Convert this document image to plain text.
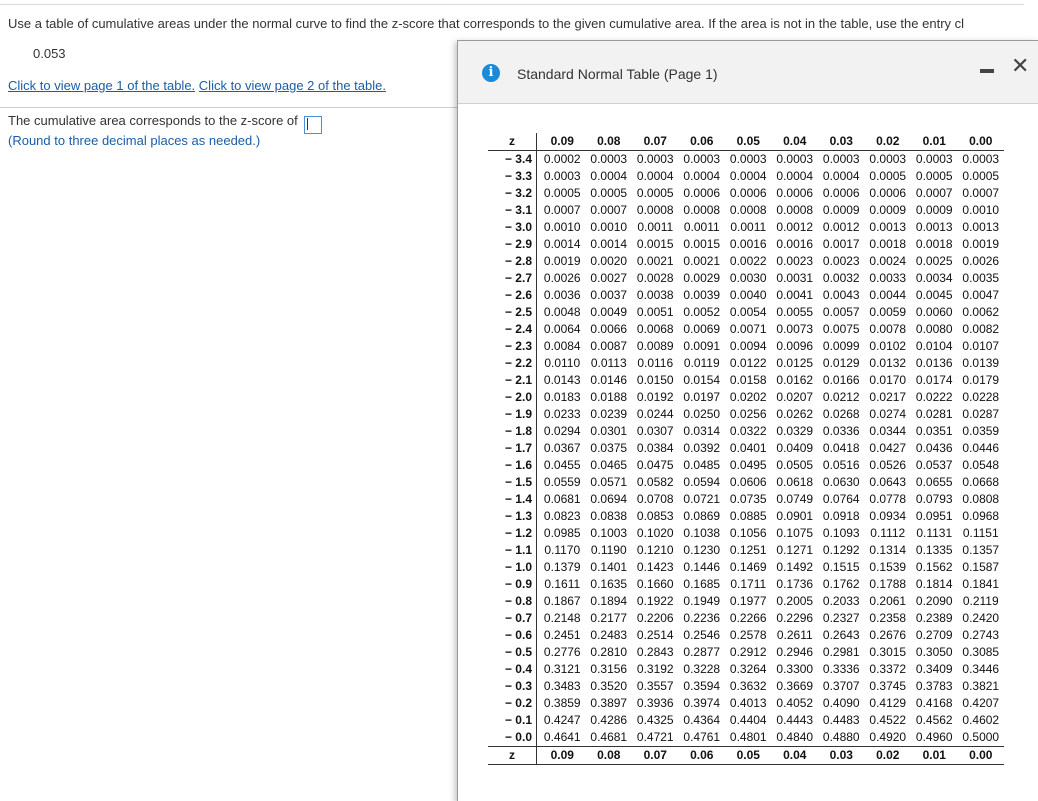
Use a table of cumulative areas under the normal curve to find the z-score that corresponds to the given cumulative area. If the area is not in the table, use the entry cl
0.053
Click to view page 1 of the table. Click to view page 2 of the table.
The cumulative area corresponds to the z-score of
(Round to three decimal places as needed.)
i	Standard Normal Table (Page 1)	✕
z	0.09	0.08	0.07	0.06	0.05	0.04	0.03	0.02	0.01	0.00
− 3.4	0.0002	0.0003	0.0003	0.0003	0.0003	0.0003	0.0003	0.0003	0.0003	0.0003
− 3.3	0.0003	0.0004	0.0004	0.0004	0.0004	0.0004	0.0004	0.0005	0.0005	0.0005
− 3.2	0.0005	0.0005	0.0005	0.0006	0.0006	0.0006	0.0006	0.0006	0.0007	0.0007
− 3.1	0.0007	0.0007	0.0008	0.0008	0.0008	0.0008	0.0009	0.0009	0.0009	0.0010
− 3.0	0.0010	0.0010	0.0011	0.0011	0.0011	0.0012	0.0012	0.0013	0.0013	0.0013
− 2.9	0.0014	0.0014	0.0015	0.0015	0.0016	0.0016	0.0017	0.0018	0.0018	0.0019
− 2.8	0.0019	0.0020	0.0021	0.0021	0.0022	0.0023	0.0023	0.0024	0.0025	0.0026
− 2.7	0.0026	0.0027	0.0028	0.0029	0.0030	0.0031	0.0032	0.0033	0.0034	0.0035
− 2.6	0.0036	0.0037	0.0038	0.0039	0.0040	0.0041	0.0043	0.0044	0.0045	0.0047
− 2.5	0.0048	0.0049	0.0051	0.0052	0.0054	0.0055	0.0057	0.0059	0.0060	0.0062
− 2.4	0.0064	0.0066	0.0068	0.0069	0.0071	0.0073	0.0075	0.0078	0.0080	0.0082
− 2.3	0.0084	0.0087	0.0089	0.0091	0.0094	0.0096	0.0099	0.0102	0.0104	0.0107
− 2.2	0.0110	0.0113	0.0116	0.0119	0.0122	0.0125	0.0129	0.0132	0.0136	0.0139
− 2.1	0.0143	0.0146	0.0150	0.0154	0.0158	0.0162	0.0166	0.0170	0.0174	0.0179
− 2.0	0.0183	0.0188	0.0192	0.0197	0.0202	0.0207	0.0212	0.0217	0.0222	0.0228
− 1.9	0.0233	0.0239	0.0244	0.0250	0.0256	0.0262	0.0268	0.0274	0.0281	0.0287
− 1.8	0.0294	0.0301	0.0307	0.0314	0.0322	0.0329	0.0336	0.0344	0.0351	0.0359
− 1.7	0.0367	0.0375	0.0384	0.0392	0.0401	0.0409	0.0418	0.0427	0.0436	0.0446
− 1.6	0.0455	0.0465	0.0475	0.0485	0.0495	0.0505	0.0516	0.0526	0.0537	0.0548
− 1.5	0.0559	0.0571	0.0582	0.0594	0.0606	0.0618	0.0630	0.0643	0.0655	0.0668
− 1.4	0.0681	0.0694	0.0708	0.0721	0.0735	0.0749	0.0764	0.0778	0.0793	0.0808
− 1.3	0.0823	0.0838	0.0853	0.0869	0.0885	0.0901	0.0918	0.0934	0.0951	0.0968
− 1.2	0.0985	0.1003	0.1020	0.1038	0.1056	0.1075	0.1093	0.1112	0.1131	0.1151
− 1.1	0.1170	0.1190	0.1210	0.1230	0.1251	0.1271	0.1292	0.1314	0.1335	0.1357
− 1.0	0.1379	0.1401	0.1423	0.1446	0.1469	0.1492	0.1515	0.1539	0.1562	0.1587
− 0.9	0.1611	0.1635	0.1660	0.1685	0.1711	0.1736	0.1762	0.1788	0.1814	0.1841
− 0.8	0.1867	0.1894	0.1922	0.1949	0.1977	0.2005	0.2033	0.2061	0.2090	0.2119
− 0.7	0.2148	0.2177	0.2206	0.2236	0.2266	0.2296	0.2327	0.2358	0.2389	0.2420
− 0.6	0.2451	0.2483	0.2514	0.2546	0.2578	0.2611	0.2643	0.2676	0.2709	0.2743
− 0.5	0.2776	0.2810	0.2843	0.2877	0.2912	0.2946	0.2981	0.3015	0.3050	0.3085
− 0.4	0.3121	0.3156	0.3192	0.3228	0.3264	0.3300	0.3336	0.3372	0.3409	0.3446
− 0.3	0.3483	0.3520	0.3557	0.3594	0.3632	0.3669	0.3707	0.3745	0.3783	0.3821
− 0.2	0.3859	0.3897	0.3936	0.3974	0.4013	0.4052	0.4090	0.4129	0.4168	0.4207
− 0.1	0.4247	0.4286	0.4325	0.4364	0.4404	0.4443	0.4483	0.4522	0.4562	0.4602
− 0.0	0.4641	0.4681	0.4721	0.4761	0.4801	0.4840	0.4880	0.4920	0.4960	0.5000
z	0.09	0.08	0.07	0.06	0.05	0.04	0.03	0.02	0.01	0.00
